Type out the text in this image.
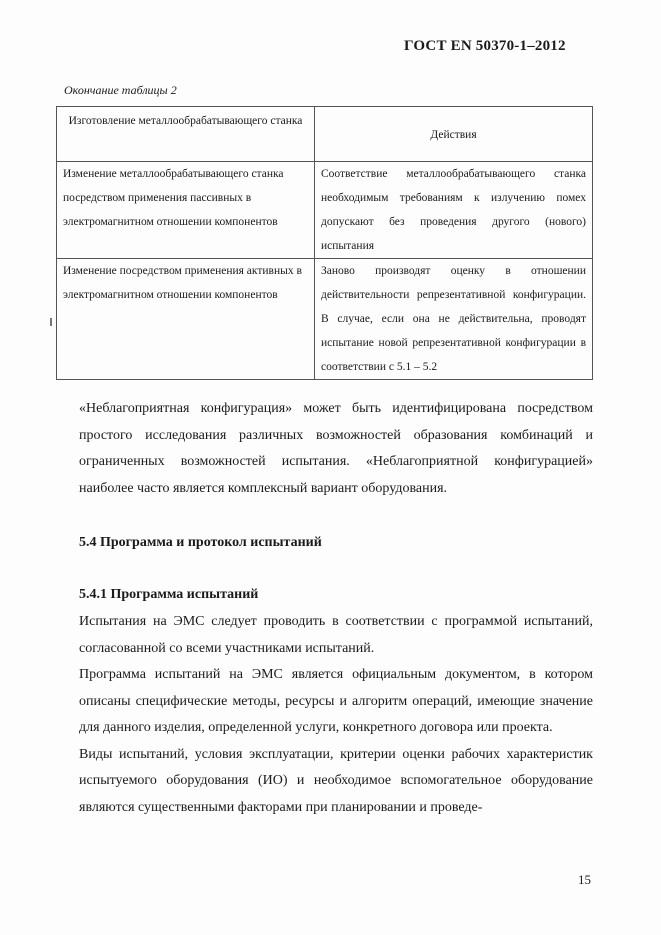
ГОСТ EN 50370-1–2012
Окончание таблицы 2
Изготовление металлообрабатывающего станка	Действия
Изменение металлообрабатывающего станка посредством применения пассивных в электромагнитном отношении компонентов	Соответствие металлообрабатывающего станка необходимым требованиям к излучению помех допускают без проведения другого (нового) испытания
Изменение посредством применения активных в электромагнитном отношении компонентов	Заново производят оценку в отношении действительности репрезентативной конфигурации. В случае, если она не действительна, проводят испытание новой репрезентативной конфигурации в соответствии с 5.1 – 5.2

«Неблагоприятная конфигурация» может быть идентифицирована посредством простого исследования различных возможностей образования комбинаций и ограниченных возможностей испытания. «Неблагоприятной конфигурацией» наиболее часто является комплексный вариант оборудования.

5.4 Программа и протокол испытаний
5.4.1 Программа испытаний

Испытания на ЭМС следует проводить в соответствии с программой испытаний, согласованной со всеми участниками испытаний.

Программа испытаний на ЭМС является официальным документом, в котором описаны специфические методы, ресурсы и алгоритм операций, имеющие значение для данного изделия, определенной услуги, конкретного договора или проекта.

Виды испытаний, условия эксплуатации, критерии оценки рабочих характеристик испытуемого оборудования (ИО) и необходимое вспомогательное оборудование являются существенными факторами при планировании и проведе-

15
